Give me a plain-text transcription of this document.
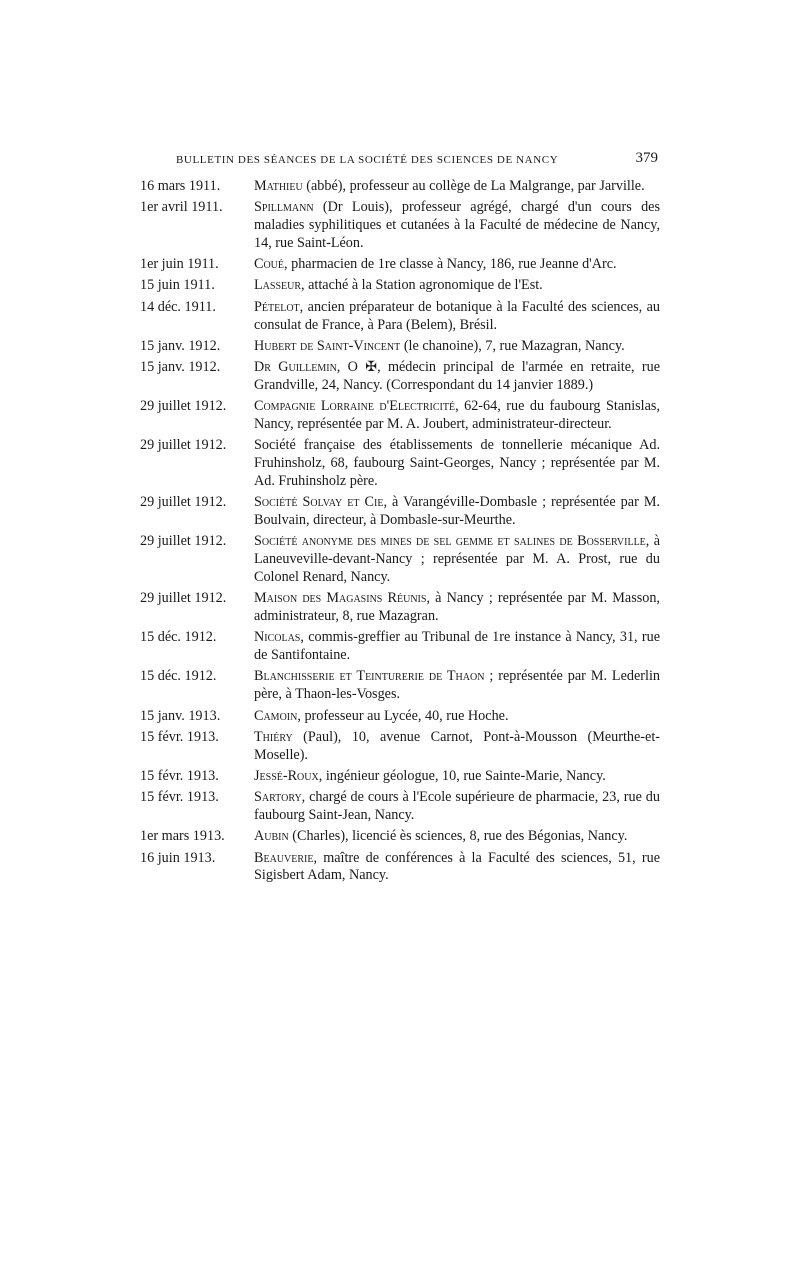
BULLETIN DES SÉANCES DE LA SOCIÉTÉ DES SCIENCES DE NANCY	379
16 mars 1911.	Mathieu (abbé), professeur au collège de La Malgrange, par Jarville.
1er avril 1911.	Spillmann (Dr Louis), professeur agrégé, chargé d'un cours des maladies syphilitiques et cutanées à la Faculté de médecine de Nancy, 14, rue Saint-Léon.
1er juin 1911.	Coué, pharmacien de 1re classe à Nancy, 186, rue Jeanne d'Arc.
15 juin 1911.	Lasseur, attaché à la Station agronomique de l'Est.
14 déc. 1911.	Pételot, ancien préparateur de botanique à la Faculté des sciences, au consulat de France, à Para (Belem), Brésil.
15 janv. 1912.	Hubert de Saint-Vincent (le chanoine), 7, rue Mazagran, Nancy.
15 janv. 1912.	Dr Guillemin, O ✠, médecin principal de l'armée en retraite, rue Grandville, 24, Nancy. (Correspondant du 14 janvier 1889.)
29 juillet 1912.	Compagnie Lorraine d'Electricité, 62-64, rue du faubourg Stanislas, Nancy, représentée par M. A. Joubert, administrateur-directeur.
29 juillet 1912.	Société française des établissements de tonnellerie mécanique Ad. Fruhinsholz, 68, faubourg Saint-Georges, Nancy ; représentée par M. Ad. Fruhinsholz père.
29 juillet 1912.	Société Solvay et Cie, à Varangéville-Dombasle ; représentée par M. Boulvain, directeur, à Dombasle-sur-Meurthe.
29 juillet 1912.	Société anonyme des mines de sel gemme et salines de Bosserville, à Laneuveville-devant-Nancy ; représentée par M. A. Prost, rue du Colonel Renard, Nancy.
29 juillet 1912.	Maison des Magasins Réunis, à Nancy ; représentée par M. Masson, administrateur, 8, rue Mazagran.
15 déc. 1912.	Nicolas, commis-greffier au Tribunal de 1re instance à Nancy, 31, rue de Santifontaine.
15 déc. 1912.	Blanchisserie et Teinturerie de Thaon ; représentée par M. Lederlin père, à Thaon-les-Vosges.
15 janv. 1913.	Camoin, professeur au Lycée, 40, rue Hoche.
15 févr. 1913.	Thiéry (Paul), 10, avenue Carnot, Pont-à-Mousson (Meurthe-et-Moselle).
15 févr. 1913.	Jessé-Roux, ingénieur géologue, 10, rue Sainte-Marie, Nancy.
15 févr. 1913.	Sartory, chargé de cours à l'Ecole supérieure de pharmacie, 23, rue du faubourg Saint-Jean, Nancy.
1er mars 1913.	Aubin (Charles), licencié ès sciences, 8, rue des Bégonias, Nancy.
16 juin 1913.	Beauverie, maître de conférences à la Faculté des sciences, 51, rue Sigisbert Adam, Nancy.
